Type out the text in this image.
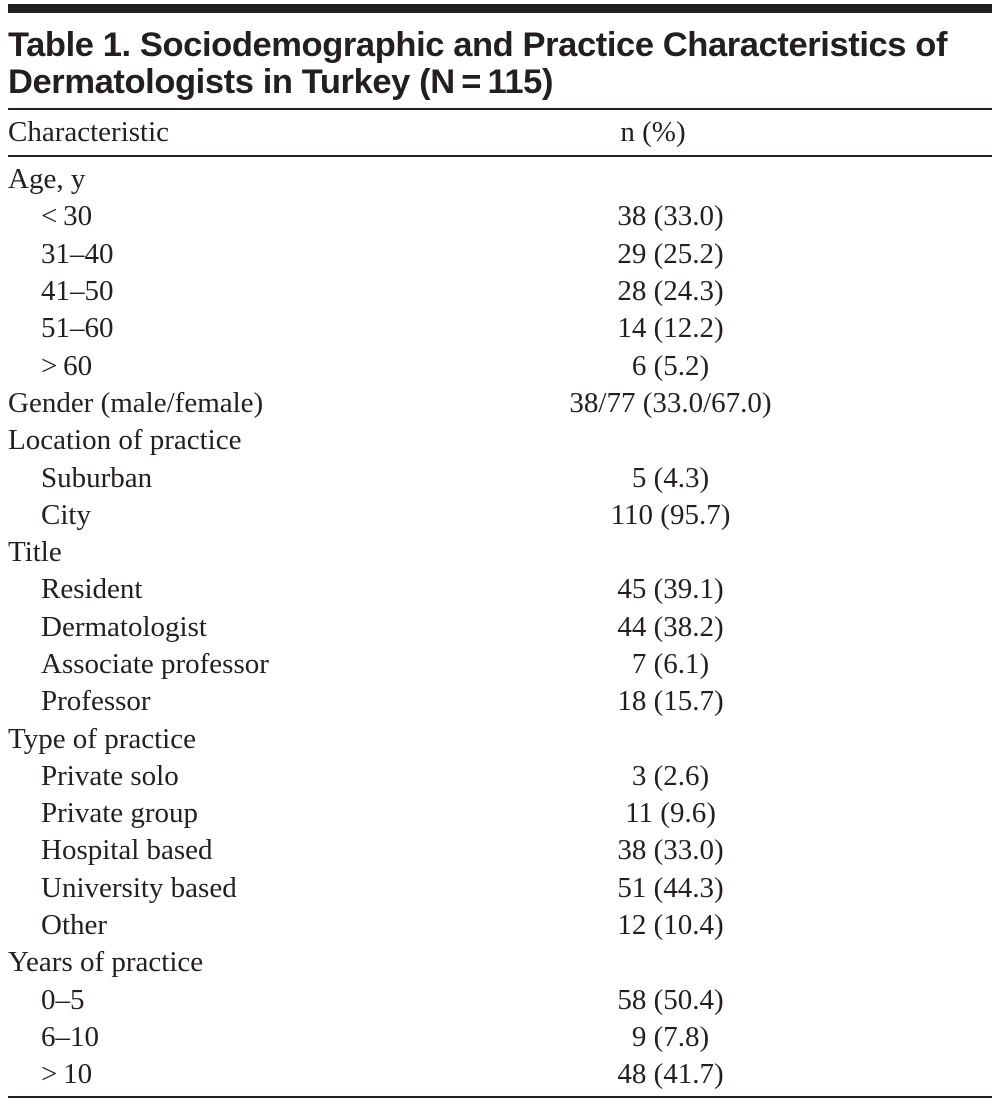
Table 1. Sociodemographic and Practice Characteristics of
Dermatologists in Turkey (N = 115)
Characteristic	n (%)
Age, y
< 30	38 (33.0)
31–40	29 (25.2)
41–50	28 (24.3)
51–60	14 (12.2)
> 60	6 (5.2)
Gender (male/female)	38/77 (33.0/67.0)
Location of practice
Suburban	5 (4.3)
City	110 (95.7)
Title
Resident	45 (39.1)
Dermatologist	44 (38.2)
Associate professor	7 (6.1)
Professor	18 (15.7)
Type of practice
Private solo	3 (2.6)
Private group	11 (9.6)
Hospital based	38 (33.0)
University based	51 (44.3)
Other	12 (10.4)
Years of practice
0–5	58 (50.4)
6–10	9 (7.8)
> 10	48 (41.7)
